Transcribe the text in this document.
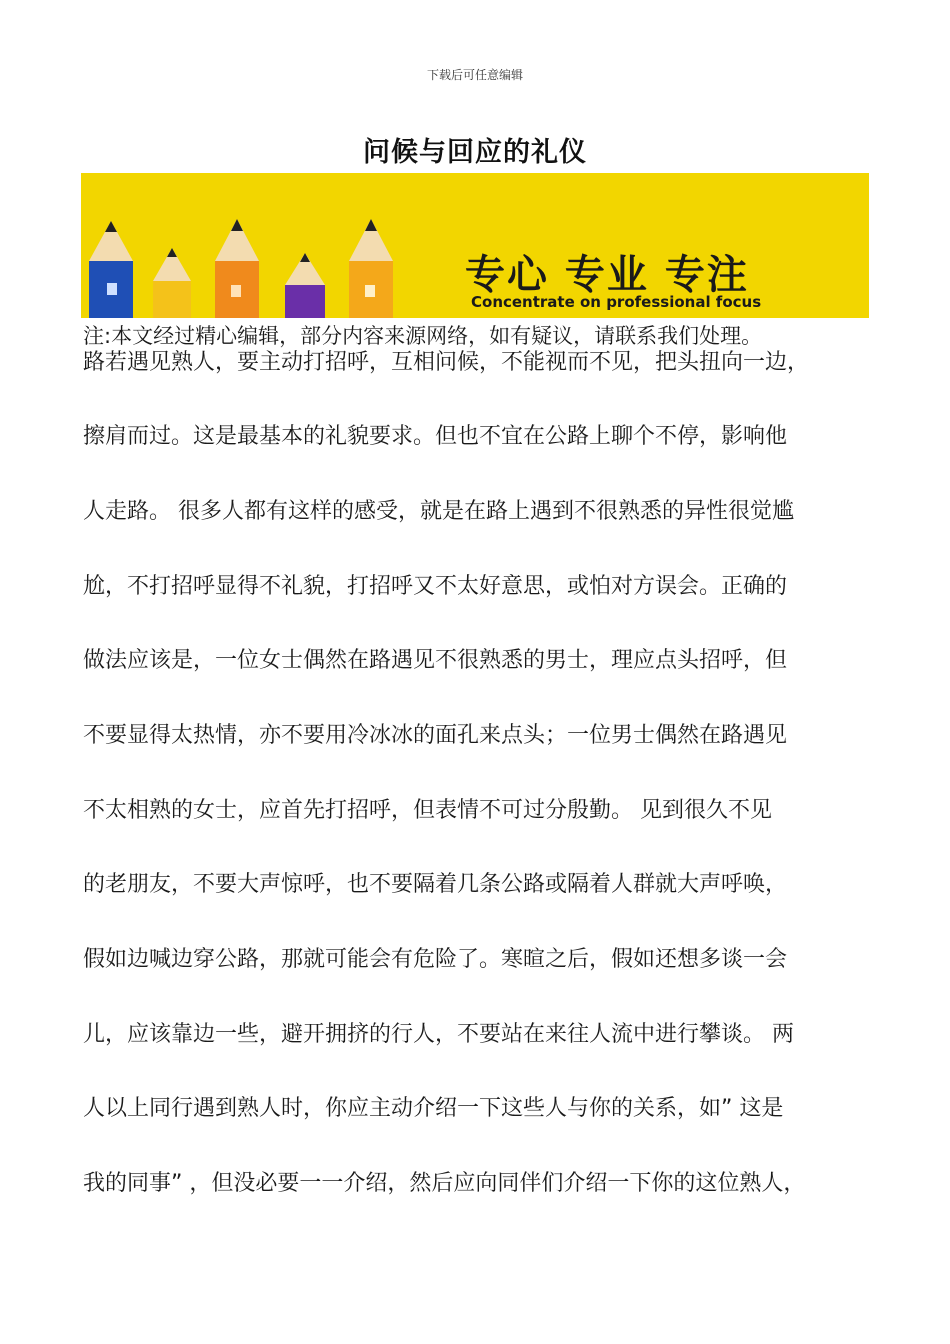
下载后可任意编辑
问候与回应的礼仪
专心 专业 专注
Concentrate on professional focus
注:本文经过精心编辑，部分内容来源网络，如有疑议，请联系我们处理。
路若遇见熟人，要主动打招呼，互相问候，不能视而不见，把头扭向一边，
擦肩而过。这是最基本的礼貌要求。但也不宜在公路上聊个不停，影响他
人走路。 很多人都有这样的感受，就是在路上遇到不很熟悉的异性很觉尴
尬，不打招呼显得不礼貌，打招呼又不太好意思，或怕对方误会。正确的
做法应该是，一位女士偶然在路遇见不很熟悉的男士，理应点头招呼，但
不要显得太热情，亦不要用冷冰冰的面孔来点头；一位男士偶然在路遇见
不太相熟的女士，应首先打招呼，但表情不可过分殷勤。 见到很久不见
的老朋友，不要大声惊呼，也不要隔着几条公路或隔着人群就大声呼唤，
假如边喊边穿公路，那就可能会有危险了。寒暄之后，假如还想多谈一会
儿，应该靠边一些，避开拥挤的行人，不要站在来往人流中进行攀谈。 两
人以上同行遇到熟人时，你应主动介绍一下这些人与你的关系，如” 这是
我的同事” ，但没必要一一介绍，然后应向同伴们介绍一下你的这位熟人，
